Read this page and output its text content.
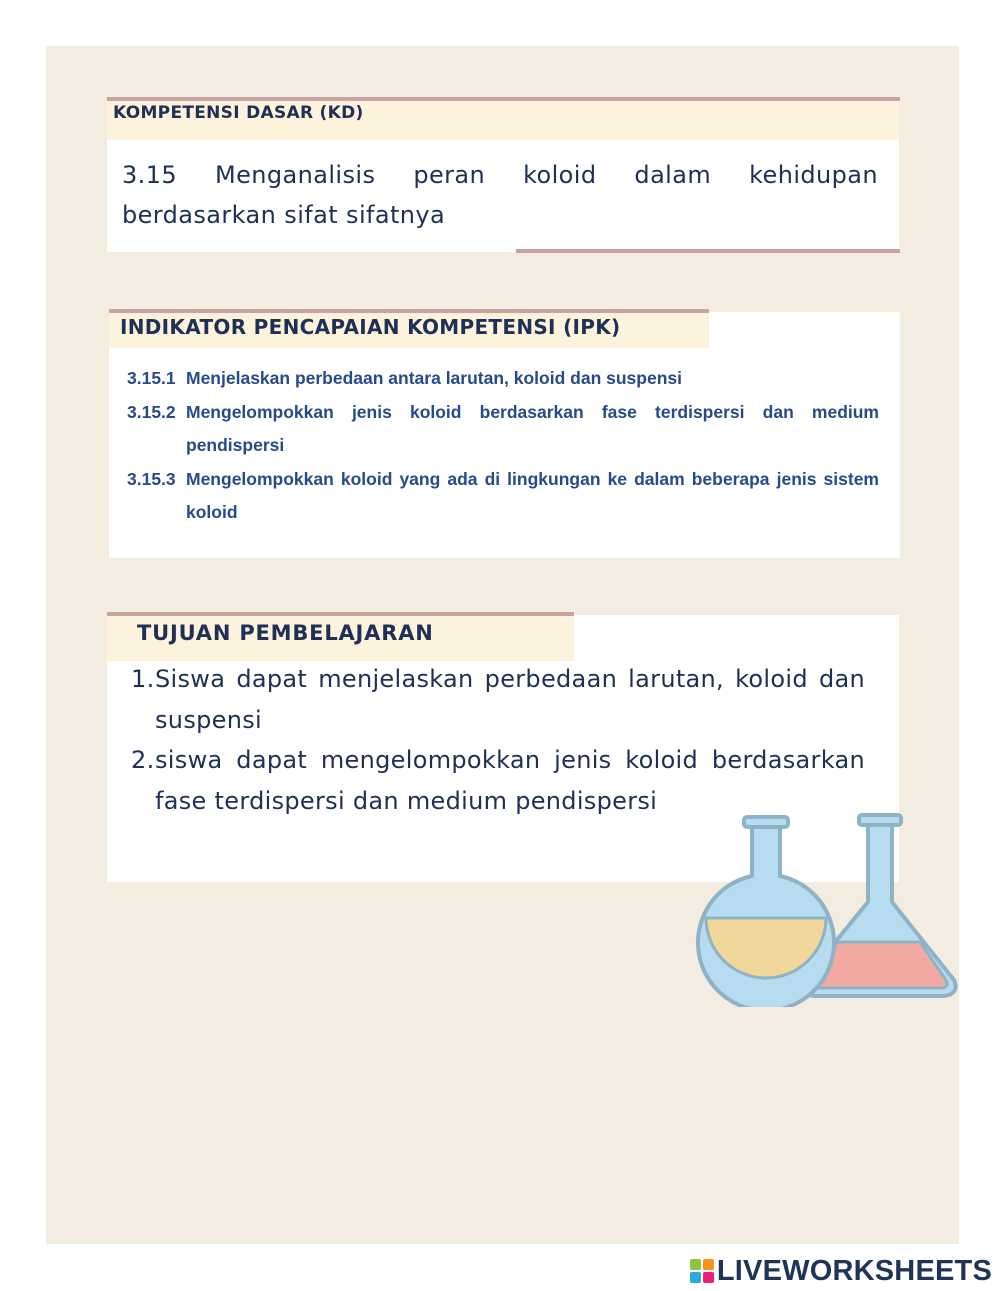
KOMPETENSI DASAR (KD)
3.15 Menganalisis peran koloid dalam kehidupan berdasarkan sifat sifatnya
INDIKATOR PENCAPAIAN KOMPETENSI (IPK)
3.15.1 Menjelaskan perbedaan antara larutan, koloid dan suspensi
3.15.2 Mengelompokkan jenis koloid berdasarkan fase terdispersi dan medium pendispersi
3.15.3 Mengelompokkan koloid yang ada di lingkungan ke dalam beberapa jenis sistem koloid
TUJUAN PEMBELAJARAN
1. Siswa dapat menjelaskan perbedaan larutan, koloid dan suspensi
2. siswa dapat mengelompokkan jenis koloid berdasarkan fase terdispersi dan medium pendispersi
LIVEWORKSHEETS
